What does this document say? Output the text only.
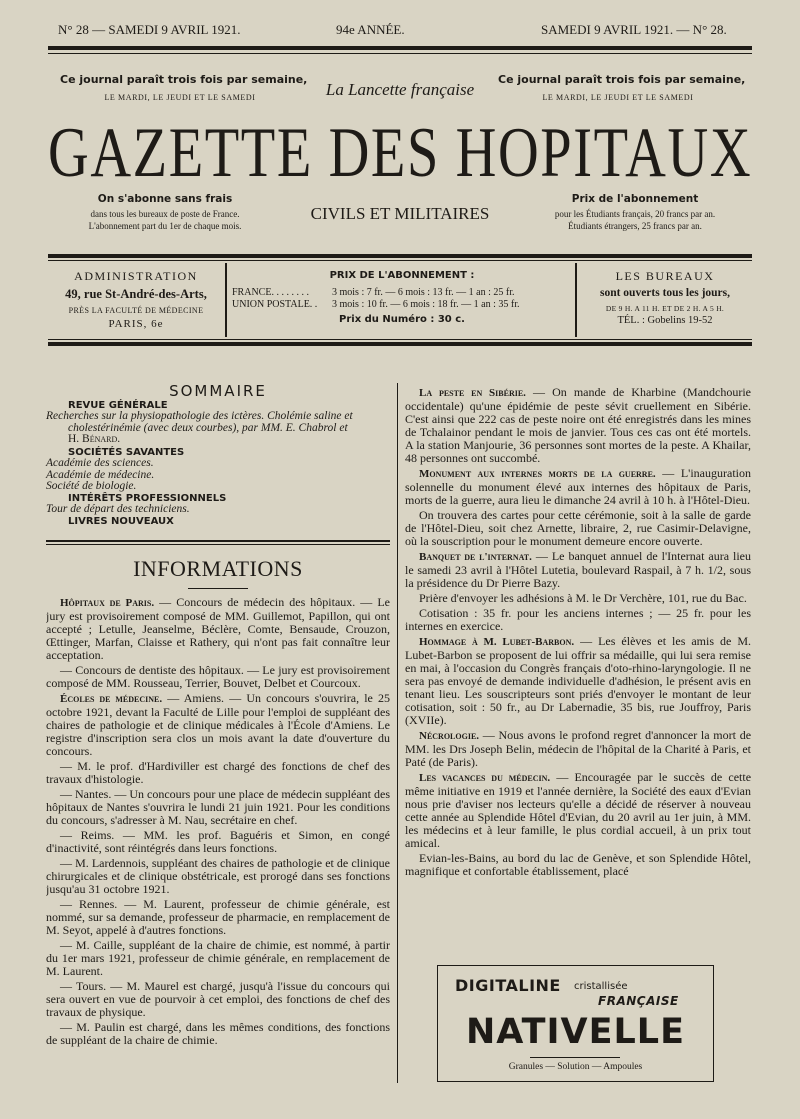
N° 28 — SAMEDI 9 AVRIL 1921.	94e ANNÉE.	SAMEDI 9 AVRIL 1921. — N° 28.
Ce journal paraît trois fois par semaine,
LE MARDI, LE JEUDI ET LE SAMEDI	La Lancette française
Ce journal paraît trois fois par semaine,
LE MARDI, LE JEUDI ET LE SAMEDI
GAZETTE DES HOPITAUX
On s'abonne sans frais
dans tous les bureaux de poste de France.
L'abonnement part du 1er de chaque mois.
CIVILS ET MILITAIRES
Prix de l'abonnement
pour les Étudiants français, 20 francs par an.
Étudiants étrangers, 25 francs par an.
ADMINISTRATION
49, rue St-André-des-Arts,
PRÈS LA FACULTÉ DE MÉDECINE
PARIS, 6e
PRIX DE L'ABONNEMENT :
FRANCE. . . . . . . . 3 mois : 7 fr. — 6 mois : 13 fr. — 1 an : 25 fr.
UNION POSTALE. . 3 mois : 10 fr. — 6 mois : 18 fr. — 1 an : 35 fr.
Prix du Numéro : 30 c.
LES BUREAUX
sont ouverts tous les jours,
DE 9 H. A 11 H. ET DE 2 H. A 5 H.
TÉL. : Gobelins 19-52
SOMMAIRE
REVUE GÉNÉRALE
Recherches sur la physiopathologie des ictères. Cholémie saline et
cholestérinémie (avec deux courbes), par MM. E. Chabrol et
H. Bénard.
SOCIÉTÉS SAVANTES
Académie des sciences.
Académie de médecine.
Société de biologie.
INTÉRÊTS PROFESSIONNELS
Tour de départ des techniciens.
LIVRES NOUVEAUX
INFORMATIONS

Hôpitaux de Paris. — Concours de médecin des hôpitaux. — Le jury est provisoirement composé de MM. Guillemot, Papillon, qui ont accepté ; Letulle, Jeanselme, Béclère, Comte, Bensaude, Crouzon, Œttinger, Marfan, Claisse et Rathery, qui n'ont pas fait connaître leur acceptation.

— Concours de dentiste des hôpitaux. — Le jury est provisoirement composé de MM. Rousseau, Terrier, Bouvet, Delbet et Courcoux.

Écoles de médecine. — Amiens. — Un concours s'ouvrira, le 25 octobre 1921, devant la Faculté de Lille pour l'emploi de suppléant des chaires de pathologie et de clinique médicales à l'École d'Amiens. Le registre d'inscription sera clos un mois avant la date d'ouverture du concours.

— M. le prof. d'Hardiviller est chargé des fonctions de chef des travaux d'histologie.

— Nantes. — Un concours pour une place de médecin suppléant des hôpitaux de Nantes s'ouvrira le lundi 21 juin 1921. Pour les conditions du concours, s'adresser à M. Nau, secrétaire en chef.

— Reims. — MM. les prof. Baguéris et Simon, en congé d'inactivité, sont réintégrés dans leurs fonctions.

— M. Lardennois, suppléant des chaires de pathologie et de clinique chirurgicales et de clinique obstétricale, est prorogé dans ses fonctions jusqu'au 31 octobre 1921.

— Rennes. — M. Laurent, professeur de chimie générale, est nommé, sur sa demande, professeur de pharmacie, en remplacement de M. Seyot, appelé à d'autres fonctions.

— M. Caille, suppléant de la chaire de chimie, est nommé, à partir du 1er mars 1921, professeur de chimie générale, en remplacement de M. Laurent.

— Tours. — M. Maurel est chargé, jusqu'à l'issue du concours qui sera ouvert en vue de pourvoir à cet emploi, des fonctions de chef des travaux de physique.

— M. Paulin est chargé, dans les mêmes conditions, des fonctions de suppléant de la chaire de chimie.

La peste en Sibérie. — On mande de Kharbine (Mandchourie occidentale) qu'une épidémie de peste sévit cruellement en Sibérie. C'est ainsi que 222 cas de peste noire ont été enregistrés dans les mines de Tchalainor pendant le mois de janvier. Tous ces cas ont été mortels. A la station Manjourie, 36 personnes sont mortes de la peste. A Khailar, 48 personnes ont succombé.

Monument aux internes morts de la guerre. — L'inauguration solennelle du monument élevé aux internes des hôpitaux de Paris, morts de la guerre, aura lieu le dimanche 24 avril à 10 h. à l'Hôtel-Dieu.

On trouvera des cartes pour cette cérémonie, soit à la salle de garde de l'Hôtel-Dieu, soit chez Arnette, libraire, 2, rue Casimir-Delavigne, où la souscription pour le monument demeure encore ouverte.

Banquet de l'internat. — Le banquet annuel de l'Internat aura lieu le samedi 23 avril à l'Hôtel Lutetia, boulevard Raspail, à 7 h. 1/2, sous la présidence du Dr Pierre Bazy.

Prière d'envoyer les adhésions à M. le Dr Verchère, 101, rue du Bac.

Cotisation : 35 fr. pour les anciens internes ; — 25 fr. pour les internes en exercice.

Hommage à M. Lubet-Barbon. — Les élèves et les amis de M. Lubet-Barbon se proposent de lui offrir sa médaille, qui lui sera remise en mai, à l'occasion du Congrès français d'oto-rhino-laryngologie. Il ne sera pas envoyé de demande individuelle d'adhésion, le présent avis en tenant lieu. Les souscripteurs sont priés d'envoyer le montant de leur cotisation, soit : 50 fr., au Dr Labernadie, 35 bis, rue Jouffroy, Paris (XVIIe).

Nécrologie. — Nous avons le profond regret d'annoncer la mort de MM. les Drs Joseph Belin, médecin de l'hôpital de la Charité à Paris, et Paté (de Paris).

Les vacances du médecin. — Encouragée par le succès de cette même initiative en 1919 et l'année dernière, la Société des eaux d'Evian nous prie d'aviser nos lecteurs qu'elle a décidé de réserver à nouveau cette année au Splendide Hôtel d'Evian, du 20 avril au 1er juin, à MM. les médecins et à leur famille, le plus cordial accueil, à un prix tout amical.

Evian-les-Bains, au bord du lac de Genève, et son Splendide Hôtel, magnifique et confortable établissement, placé

DIGITALINE cristallisée
FRANÇAISE
NATIVELLE
Granules — Solution — Ampoules
